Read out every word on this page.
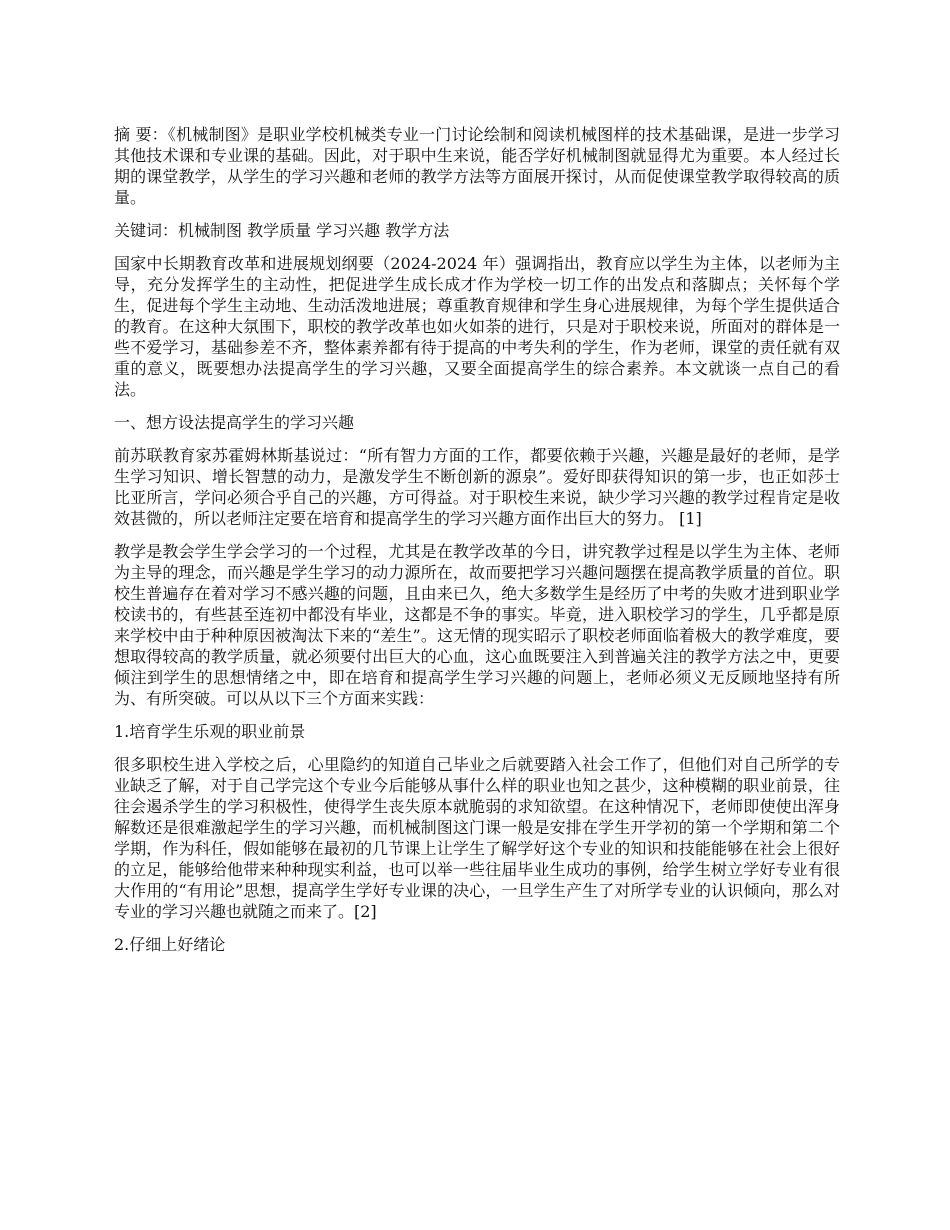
摘 要：《机械制图》是职业学校机械类专业一门讨论绘制和阅读机械图样的技术基础课，是进一步学习其他技术课和专业课的基础。因此，对于职中生来说，能否学好机械制图就显得尤为重要。本人经过长期的课堂教学，从学生的学习兴趣和老师的教学方法等方面展开探讨，从而促使课堂教学取得较高的质量。

关键词：机械制图 教学质量 学习兴趣 教学方法

国家中长期教育改革和进展规划纲要（2024-2024 年）强调指出，教育应以学生为主体，以老师为主导，充分发挥学生的主动性，把促进学生成长成才作为学校一切工作的出发点和落脚点；关怀每个学生，促进每个学生主动地、生动活泼地进展；尊重教育规律和学生身心进展规律，为每个学生提供适合的教育。在这种大氛围下，职校的教学改革也如火如荼的进行，只是对于职校来说，所面对的群体是一些不爱学习，基础参差不齐，整体素养都有待于提高的中考失利的学生，作为老师，课堂的责任就有双重的意义，既要想办法提高学生的学习兴趣，又要全面提高学生的综合素养。本文就谈一点自己的看法。

一、想方设法提高学生的学习兴趣

前苏联教育家苏霍姆林斯基说过：“所有智力方面的工作，都要依赖于兴趣，兴趣是最好的老师，是学生学习知识、增长智慧的动力，是激发学生不断创新的源泉”。爱好即获得知识的第一步，也正如莎士比亚所言，学问必须合乎自己的兴趣，方可得益。对于职校生来说，缺少学习兴趣的教学过程肯定是收效甚微的，所以老师注定要在培育和提高学生的学习兴趣方面作出巨大的努力。 [1]

教学是教会学生学会学习的一个过程，尤其是在教学改革的今日，讲究教学过程是以学生为主体、老师为主导的理念，而兴趣是学生学习的动力源所在，故而要把学习兴趣问题摆在提高教学质量的首位。职校生普遍存在着对学习不感兴趣的问题，且由来已久，绝大多数学生是经历了中考的失败才进到职业学校读书的，有些甚至连初中都没有毕业，这都是不争的事实。毕竟，进入职校学习的学生，几乎都是原来学校中由于种种原因被淘汰下来的“差生”。这无情的现实昭示了职校老师面临着极大的教学难度，要想取得较高的教学质量，就必须要付出巨大的心血，这心血既要注入到普遍关注的教学方法之中，更要倾注到学生的思想情绪之中，即在培育和提高学生学习兴趣的问题上，老师必须义无反顾地坚持有所为、有所突破。可以从以下三个方面来实践：

1.培育学生乐观的职业前景

很多职校生进入学校之后，心里隐约的知道自己毕业之后就要踏入社会工作了，但他们对自己所学的专业缺乏了解，对于自己学完这个专业今后能够从事什么样的职业也知之甚少，这种模糊的职业前景，往往会遏杀学生的学习积极性，使得学生丧失原本就脆弱的求知欲望。在这种情况下，老师即使使出浑身解数还是很难激起学生的学习兴趣，而机械制图这门课一般是安排在学生开学初的第一个学期和第二个学期，作为科任，假如能够在最初的几节课上让学生了解学好这个专业的知识和技能能够在社会上很好的立足，能够给他带来种种现实利益，也可以举一些往届毕业生成功的事例，给学生树立学好专业有很大作用的“有用论”思想，提高学生学好专业课的决心，一旦学生产生了对所学专业的认识倾向，那么对专业的学习兴趣也就随之而来了。[2]

2.仔细上好绪论
